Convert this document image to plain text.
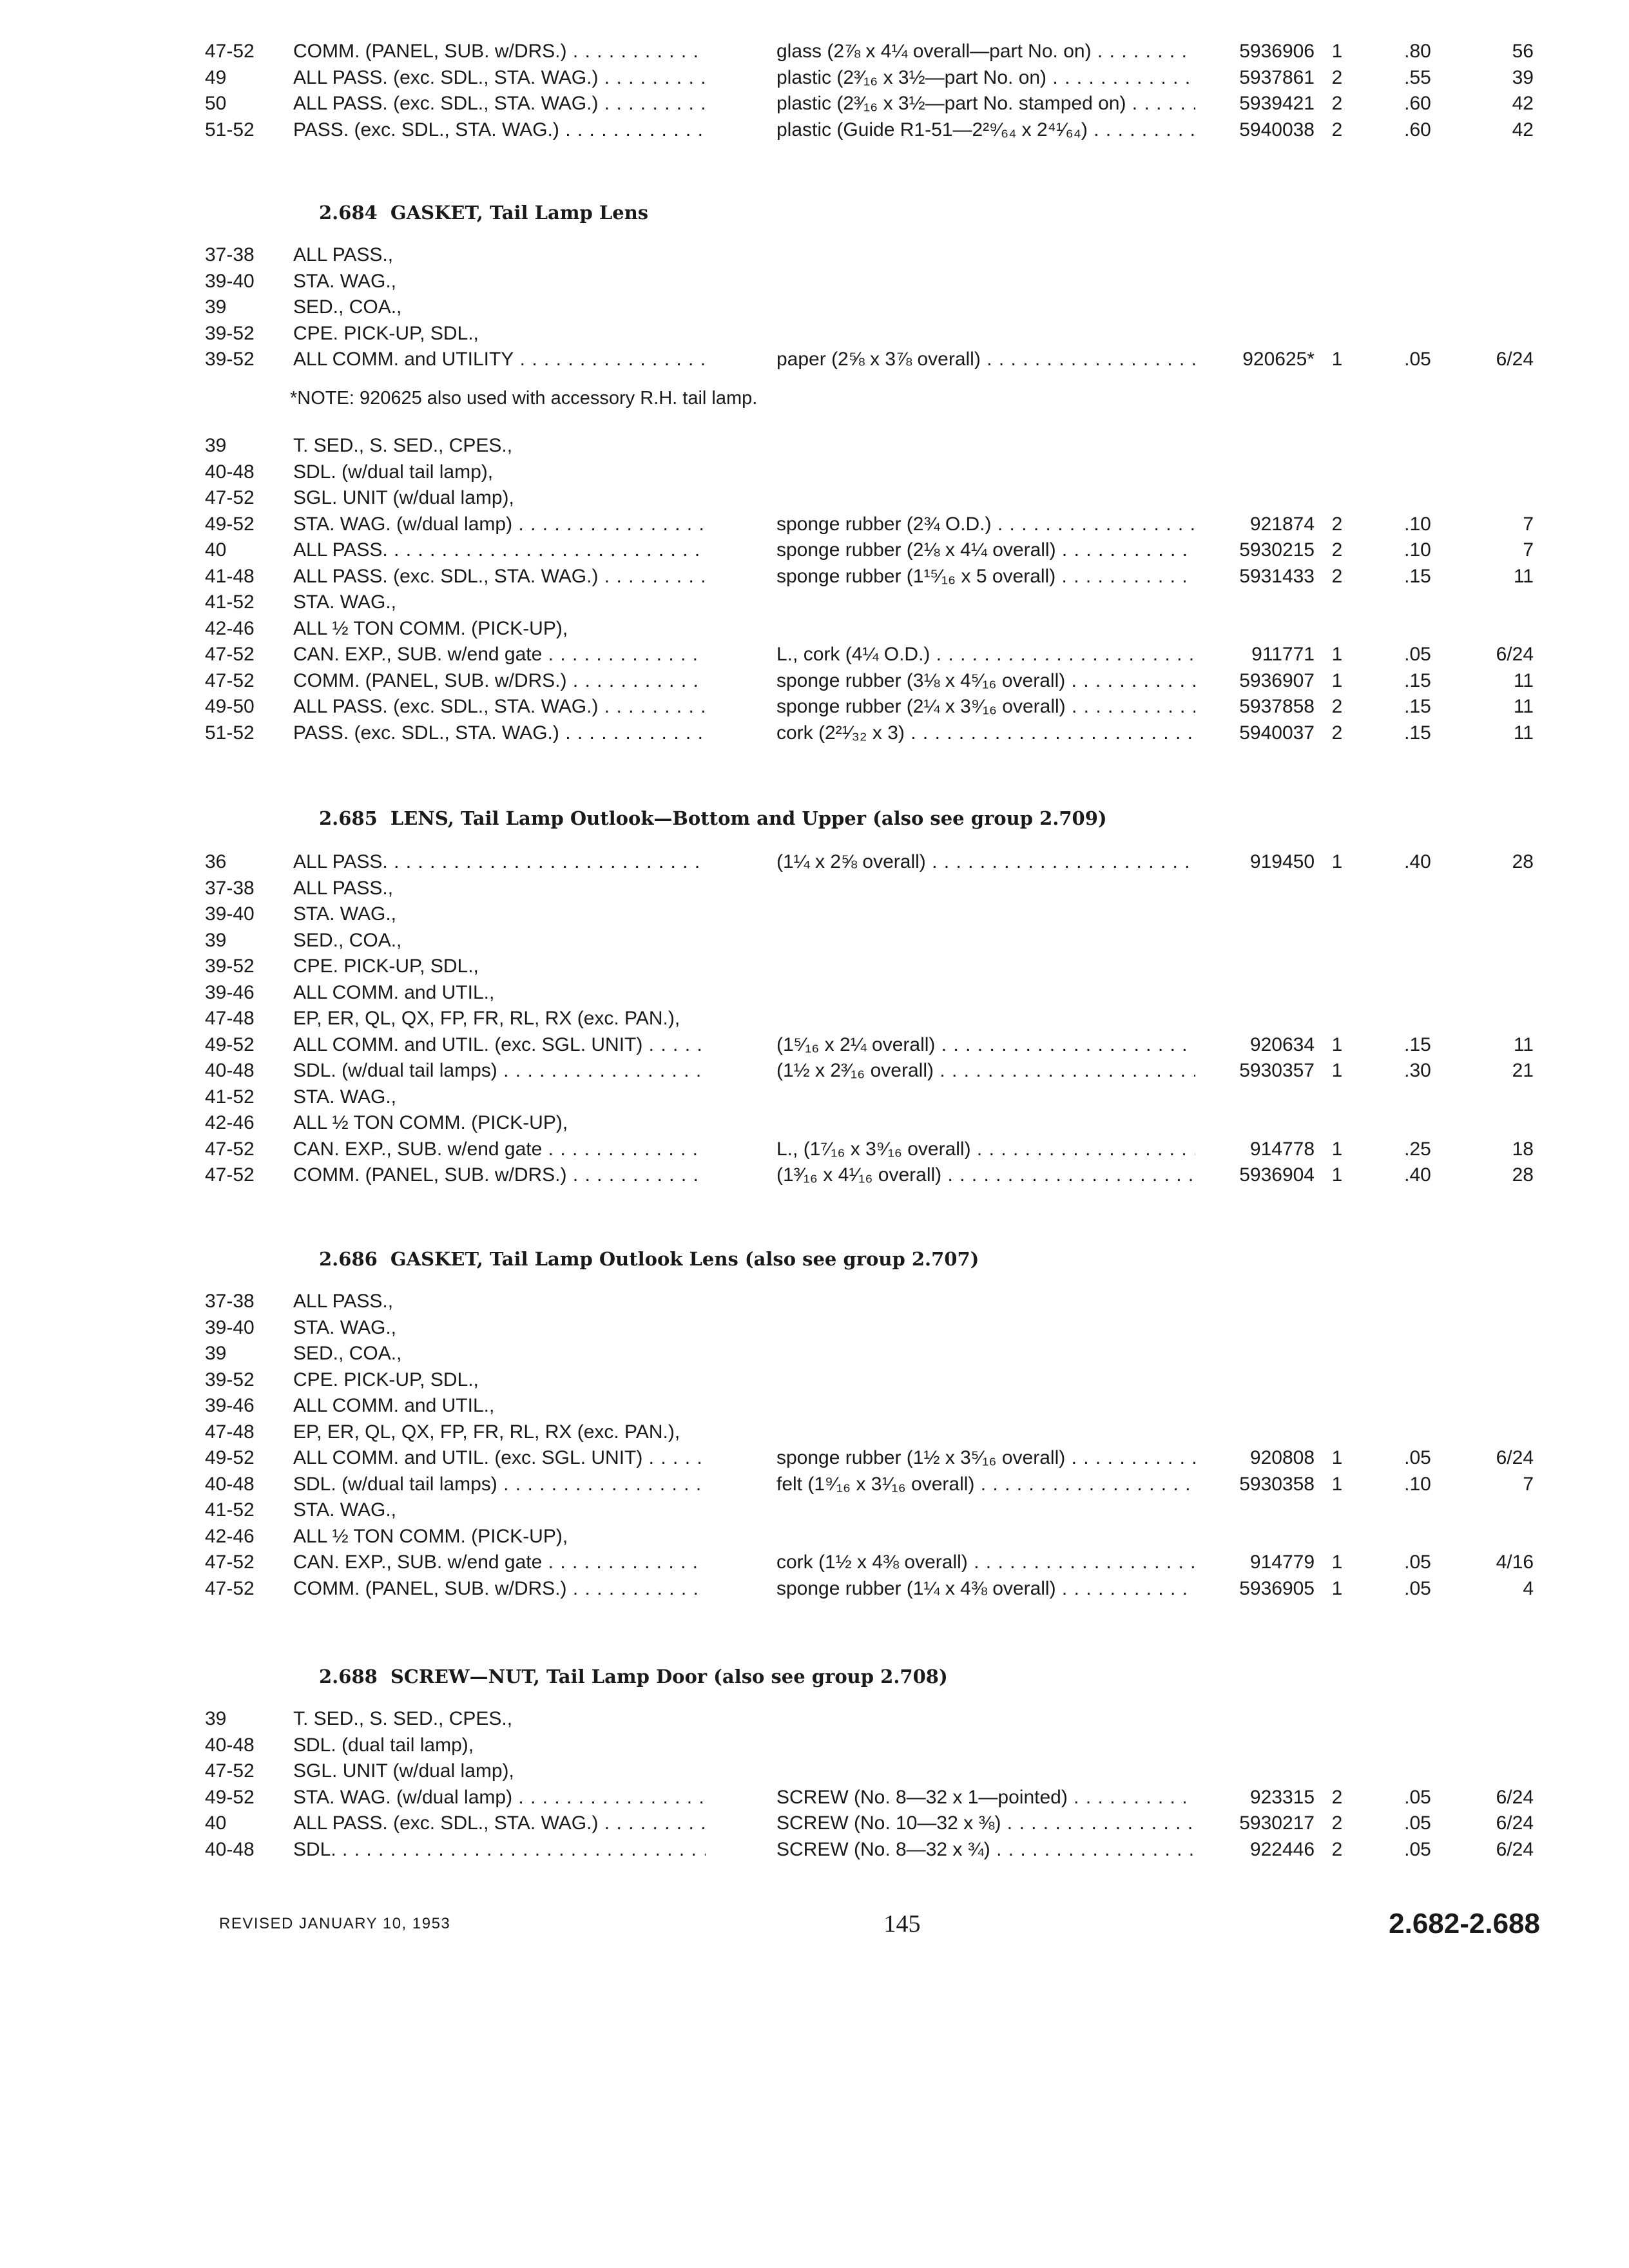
47-52	COMM. (PANEL, SUB. w/DRS.) . . .	glass (2⅞ x 4¼ overall—part No. on) . . .	5936906 1	.80	56
49	ALL PASS. (exc. SDL., STA. WAG.) . . .	plastic (2³⁄₁₆ x 3½—part No. on) . . .	5937861 2	.55	39
50	ALL PASS. (exc. SDL., STA. WAG.) . . .	plastic (2³⁄₁₆ x 3½—part No. stamped on) . . .	5939421 2	.60	42
51-52	PASS. (exc. SDL., STA. WAG.) . . .	plastic (Guide R1-51—2²⁹⁄₆₄ x 2⁴¹⁄₆₄) . . .	5940038 2	.60	42
2.684 GASKET, Tail Lamp Lens
37-38	ALL PASS.,
39-40	STA. WAG.,
39	SED., COA.,
39-52	CPE. PICK-UP, SDL.,
39-52	ALL COMM. and UTILITY . . .	paper (2⅝ x 3⅞ overall) . . .	920625* 1	.05	6/24
*NOTE: 920625 also used with accessory R.H. tail lamp.
39	T. SED., S. SED., CPES.,
40-48	SDL. (w/dual tail lamp),
47-52	SGL. UNIT (w/dual lamp),
49-52	STA. WAG. (w/dual lamp) . . .	sponge rubber (2¾ O.D.) . . .	921874 2	.10	7
40	ALL PASS. . . .	sponge rubber (2⅛ x 4¼ overall) . . .	5930215 2	.10	7
41-48	ALL PASS. (exc. SDL., STA. WAG.) . . .	sponge rubber (1¹⁵⁄₁₆ x 5 overall) . . .	5931433 2	.15	11
41-52	STA. WAG.,
42-46	ALL ½ TON COMM. (PICK-UP),
47-52	CAN. EXP., SUB. w/end gate . . .	L., cork (4¼ O.D.) . . .	911771 1	.05	6/24
47-52	COMM. (PANEL, SUB. w/DRS.) . . .	sponge rubber (3⅛ x 4⁵⁄₁₆ overall) . . .	5936907 1	.15	11
49-50	ALL PASS. (exc. SDL., STA. WAG.) . . .	sponge rubber (2¼ x 3⁹⁄₁₆ overall) . . .	5937858 2	.15	11
51-52	PASS. (exc. SDL., STA. WAG.) . . .	cork (2²¹⁄₃₂ x 3) . . .	5940037 2	.15	11
2.685 LENS, Tail Lamp Outlook—Bottom and Upper (also see group 2.709)
36	ALL PASS. . . .	(1¼ x 2⅝ overall) . . .	919450 1	.40	28
37-38	ALL PASS.,
39-40	STA. WAG.,
39	SED., COA.,
39-52	CPE. PICK-UP, SDL.,
39-46	ALL COMM. and UTIL.,
47-48	EP, ER, QL, QX, FP, FR, RL, RX (exc. PAN.),
49-52	ALL COMM. and UTIL. (exc. SGL. UNIT) . . .	(1⁵⁄₁₆ x 2¼ overall) . . .	920634 1	.15	11
40-48	SDL. (w/dual tail lamps) . . .	(1½ x 2³⁄₁₆ overall) . . .	5930357 1	.30	21
41-52	STA. WAG.,
42-46	ALL ½ TON COMM. (PICK-UP),
47-52	CAN. EXP., SUB. w/end gate . . .	L., (1⁷⁄₁₆ x 3⁹⁄₁₆ overall) . . .	914778 1	.25	18
47-52	COMM. (PANEL, SUB. w/DRS.) . . .	(1³⁄₁₆ x 4¹⁄₁₆ overall) . . .	5936904 1	.40	28
2.686 GASKET, Tail Lamp Outlook Lens (also see group 2.707)
37-38	ALL PASS.,
39-40	STA. WAG.,
39	SED., COA.,
39-52	CPE. PICK-UP, SDL.,
39-46	ALL COMM. and UTIL.,
47-48	EP, ER, QL, QX, FP, FR, RL, RX (exc. PAN.),
49-52	ALL COMM. and UTIL. (exc. SGL. UNIT) . . .	sponge rubber (1½ x 3⁵⁄₁₆ overall) . . .	920808 1	.05	6/24
40-48	SDL. (w/dual tail lamps) . . .	felt (1⁹⁄₁₆ x 3¹⁄₁₆ overall) . . .	5930358 1	.10	7
41-52	STA. WAG.,
42-46	ALL ½ TON COMM. (PICK-UP),
47-52	CAN. EXP., SUB. w/end gate . . .	cork (1½ x 4⅜ overall) . . .	914779 1	.05	4/16
47-52	COMM. (PANEL, SUB. w/DRS.) . . .	sponge rubber (1¼ x 4⅜ overall) . . .	5936905 1	.05	4
2.688 SCREW—NUT, Tail Lamp Door (also see group 2.708)
39	T. SED., S. SED., CPES.,
40-48	SDL. (dual tail lamp),
47-52	SGL. UNIT (w/dual lamp),
49-52	STA. WAG. (w/dual lamp) . . .	SCREW (No. 8—32 x 1—pointed) . . .	923315 2	.05	6/24
40	ALL PASS. (exc. SDL., STA. WAG.) . . .	SCREW (No. 10—32 x ⅜) . . .	5930217 2	.05	6/24
40-48	SDL. . . .	SCREW (No. 8—32 x ¾) . . .	922446 2	.05	6/24
REVISED JANUARY 10, 1953	145	2.682-2.688
